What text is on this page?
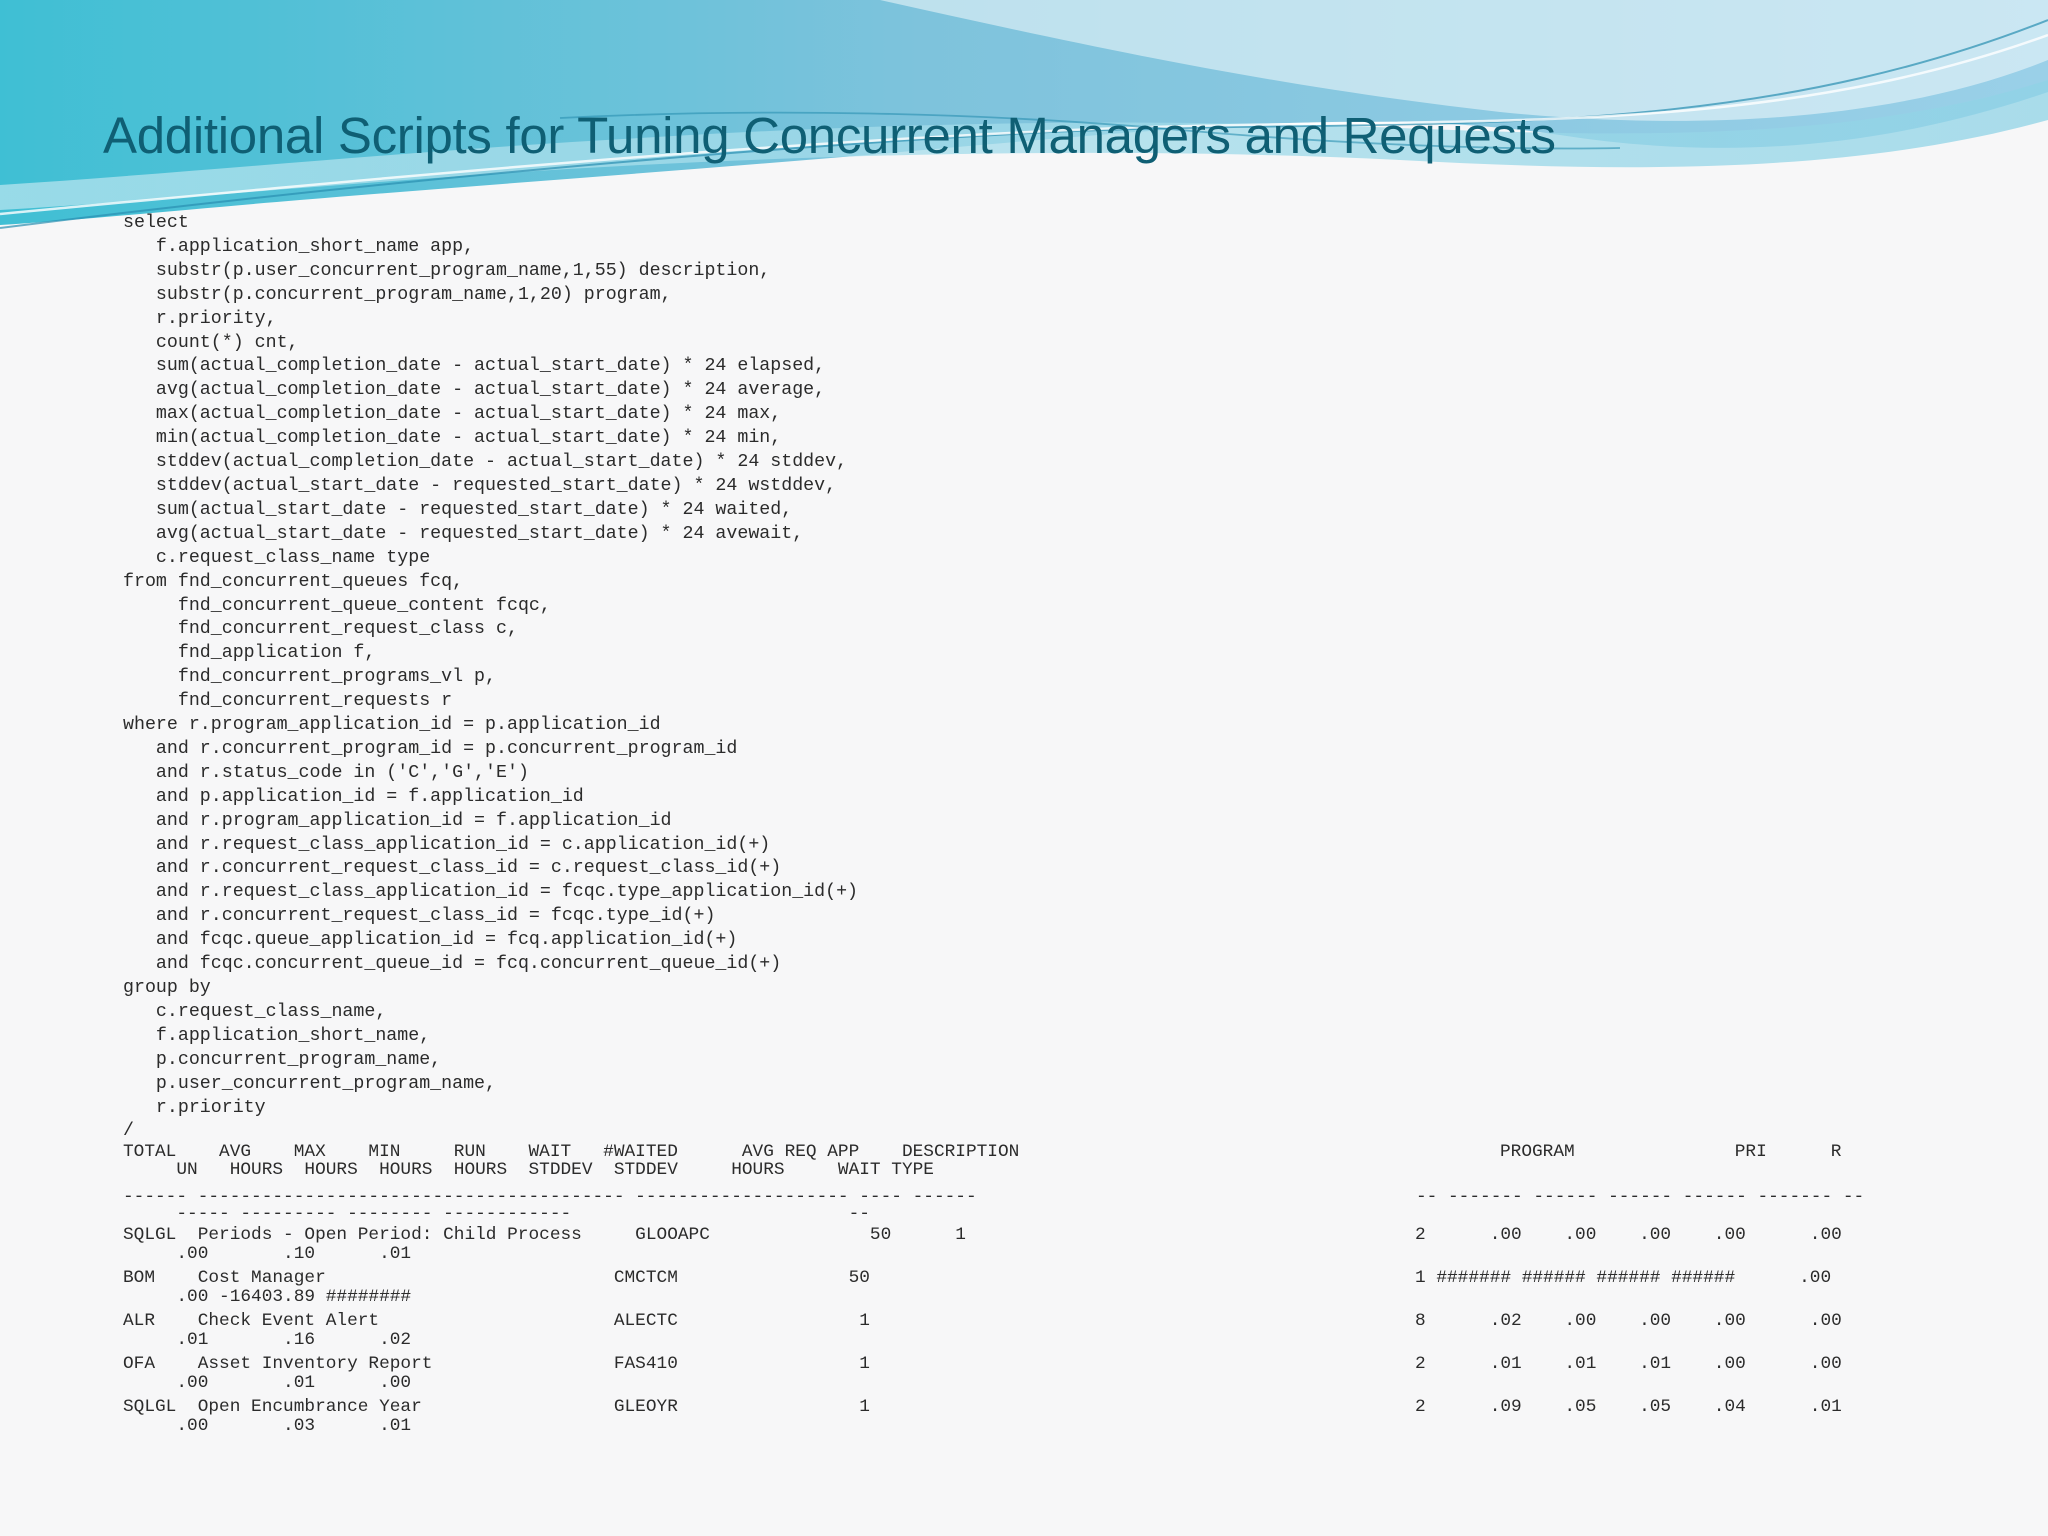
Additional Scripts for Tuning Concurrent Managers and Requests
select
f.application_short_name app,
substr(p.user_concurrent_program_name,1,55) description,
substr(p.concurrent_program_name,1,20) program,
r.priority,
count(*) cnt,
sum(actual_completion_date - actual_start_date) * 24 elapsed,
avg(actual_completion_date - actual_start_date) * 24 average,
max(actual_completion_date - actual_start_date) * 24 max,
min(actual_completion_date - actual_start_date) * 24 min,
stddev(actual_completion_date - actual_start_date) * 24 stddev,
stddev(actual_start_date - requested_start_date) * 24 wstddev,
sum(actual_start_date - requested_start_date) * 24 waited,
avg(actual_start_date - requested_start_date) * 24 avewait,
c.request_class_name type
from fnd_concurrent_queues fcq,
fnd_concurrent_queue_content fcqc,
fnd_concurrent_request_class c,
fnd_application f,
fnd_concurrent_programs_vl p,
fnd_concurrent_requests r
where r.program_application_id = p.application_id
and r.concurrent_program_id = p.concurrent_program_id
and r.status_code in ('C','G','E')
and p.application_id = f.application_id
and r.program_application_id = f.application_id
and r.request_class_application_id = c.application_id(+)
and r.concurrent_request_class_id = c.request_class_id(+)
and r.request_class_application_id = fcqc.type_application_id(+)
and r.concurrent_request_class_id = fcqc.type_id(+)
and fcqc.queue_application_id = fcq.application_id(+)
and fcqc.concurrent_queue_id = fcq.concurrent_queue_id(+)
group by
c.request_class_name,
f.application_short_name,
p.concurrent_program_name,
p.user_concurrent_program_name,
r.priority
/

TOTAL    AVG    MAX    MIN     RUN    WAIT   #WAITED      AVG REQ APP    DESCRIPTION	PROGRAM               PRI      R
UN   HOURS  HOURS  HOURS  HOURS  STDDEV  STDDEV     HOURS     WAIT TYPE
------ ---------------------------------------- -------------------- ---- ------	-- ------- ------ ------ ------ ------- --
----- --------- -------- ------------                          --
SQLGL  Periods - Open Period: Child Process     GLOOAPC               50      1	2      .00    .00    .00    .00      .00
.00       .10      .01
BOM    Cost Manager                           CMCTCM                50	1 ####### ###### ###### ######      .00
.00 -16403.89 ########
ALR    Check Event Alert                      ALECTC                 1	8      .02    .00    .00    .00      .00
.01       .16      .02
OFA    Asset Inventory Report                 FAS410                 1	2      .01    .01    .01    .00      .00
.00       .01      .00
SQLGL  Open Encumbrance Year                  GLEOYR                 1	2      .09    .05    .05    .04      .01
.00       .03      .01
